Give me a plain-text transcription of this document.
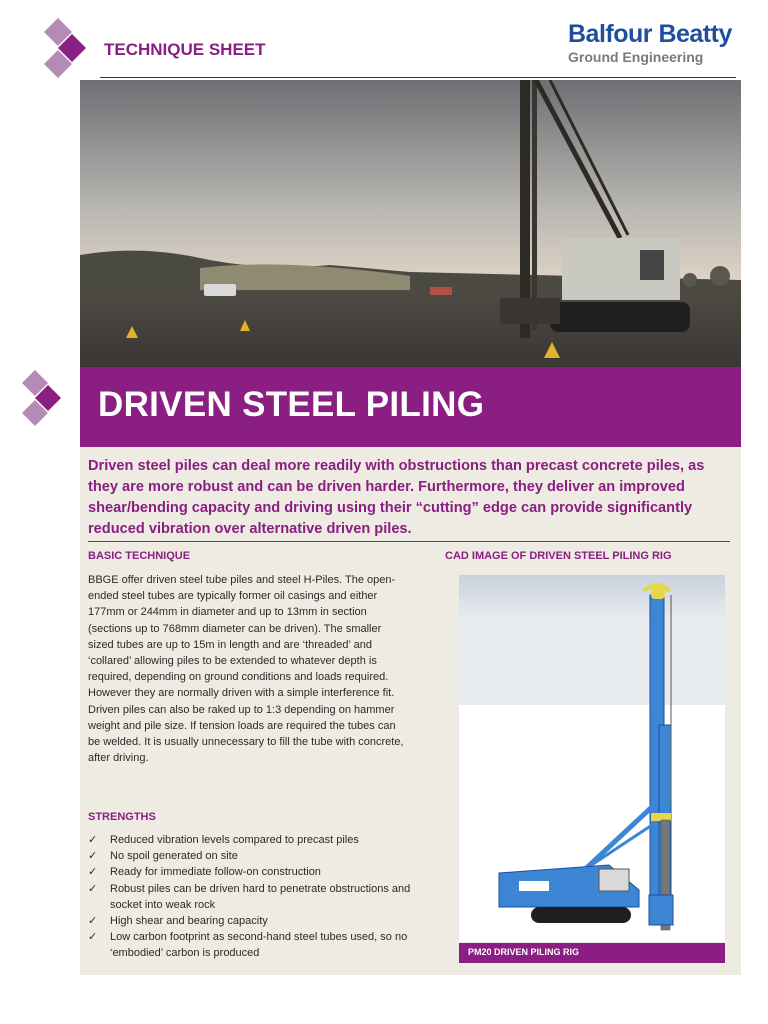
TECHNIQUE SHEET
Balfour Beatty
Ground Engineering
DRIVEN STEEL PILING
Driven steel piles can deal more readily with obstructions than precast concrete piles, as they are more robust and can be driven harder. Furthermore, they deliver an improved shear/bending capacity and driving using their “cutting” edge can provide significantly reduced vibration over alternative driven piles.
BASIC TECHNIQUE
BBGE offer driven steel tube piles and steel H-Piles. The open-ended steel tubes are typically former oil casings and either 177mm or 244mm in diameter and up to 13mm in section (sections up to 768mm diameter can be driven). The smaller sized tubes are up to 15m in length and are ‘threaded’ and ‘collared’ allowing piles to be extended to whatever depth is required, depending on ground conditions and loads required. However they are normally driven with a simple interference fit. Driven piles can also be raked up to 1:3 depending on hammer weight and pile size. If tension loads are required the tubes can be welded. It is usually unnecessary to fill the tube with concrete, after driving.
STRENGTHS
✓ Reduced vibration levels compared to precast piles
✓ No spoil generated on site
✓ Ready for immediate follow-on construction
✓ Robust piles can be driven hard to penetrate obstructions and socket into weak rock
✓ High shear and bearing capacity
✓ Low carbon footprint as second-hand steel tubes used, so no ‘embodied’ carbon is produced
CAD IMAGE OF DRIVEN STEEL PILING RIG
PM20 DRIVEN PILING RIG
